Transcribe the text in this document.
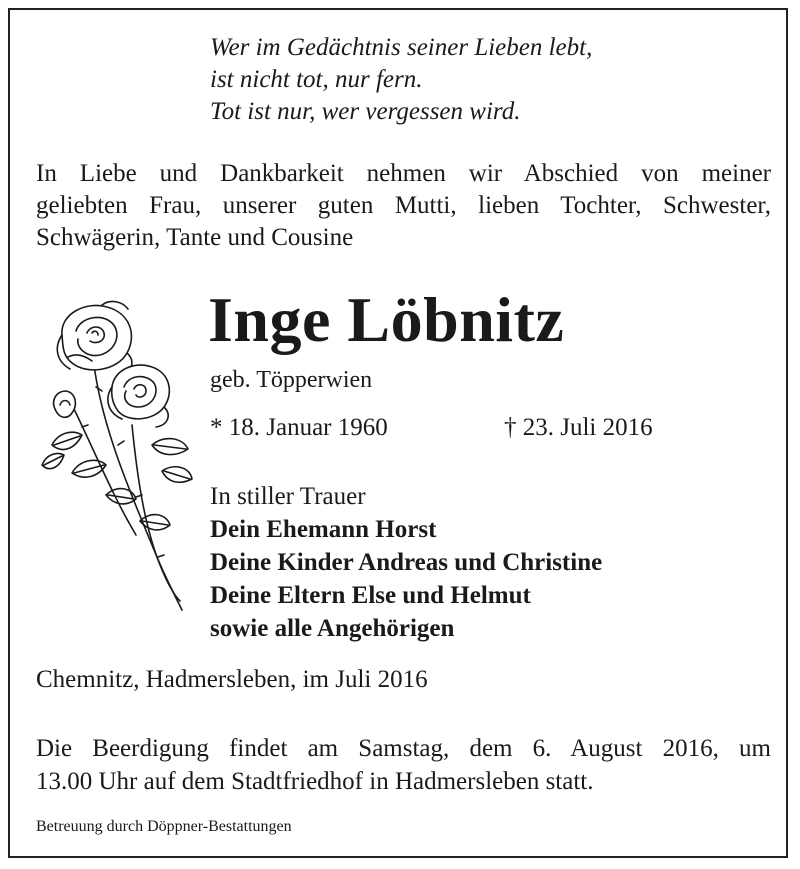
Wer im Gedächtnis seiner Lieben lebt,
ist nicht tot, nur fern.
Tot ist nur, wer vergessen wird.
In Liebe und Dankbarkeit nehmen wir Abschied von meiner
geliebten Frau, unserer guten Mutti, lieben Tochter, Schwester,
Schwägerin, Tante und Cousine
Inge Löbnitz
geb. Töpperwien
* 18. Januar 1960	† 23. Juli 2016
In stiller Trauer
Dein Ehemann Horst
Deine Kinder Andreas und Christine
Deine Eltern Else und Helmut
sowie alle Angehörigen
Chemnitz, Hadmersleben, im Juli 2016
Die Beerdigung findet am Samstag, dem 6. August 2016, um
13.00 Uhr auf dem Stadtfriedhof in Hadmersleben statt.
Betreuung durch Döppner-Bestattungen
